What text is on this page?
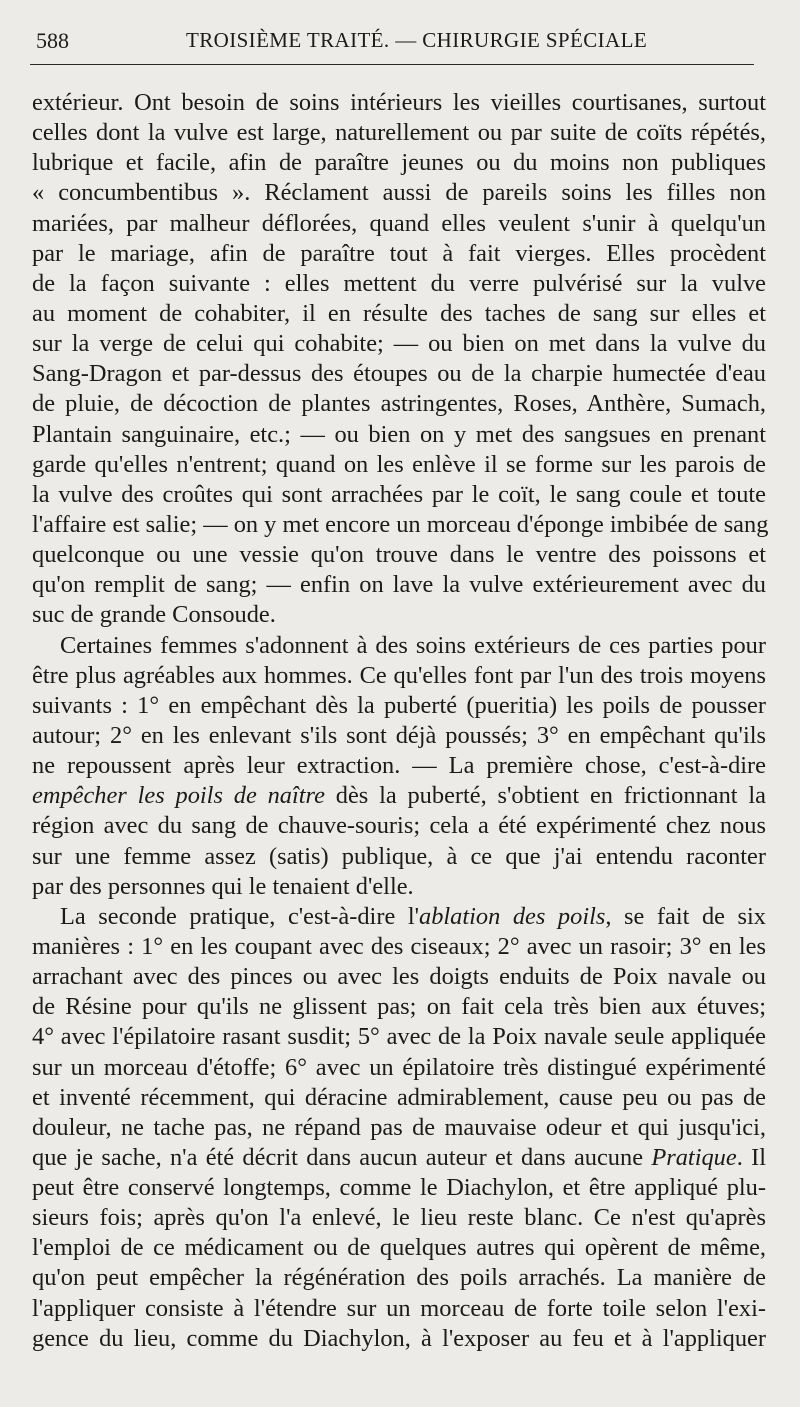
588	TROISIÈME TRAITÉ. — CHIRURGIE SPÉCIALE
extérieur. Ont besoin de soins intérieurs les vieilles courtisanes, surtout
celles dont la vulve est large, naturellement ou par suite de coïts répétés,
lubrique et facile, afin de paraître jeunes ou du moins non publiques
« concumbentibus ». Réclament aussi de pareils soins les filles non
mariées, par malheur déflorées, quand elles veulent s'unir à quelqu'un
par le mariage, afin de paraître tout à fait vierges. Elles procèdent
de la façon suivante : elles mettent du verre pulvérisé sur la vulve
au moment de cohabiter, il en résulte des taches de sang sur elles et
sur la verge de celui qui cohabite; — ou bien on met dans la vulve du
Sang-Dragon et par-dessus des étoupes ou de la charpie humectée d'eau
de pluie, de décoction de plantes astringentes, Roses, Anthère, Sumach,
Plantain sanguinaire, etc.; — ou bien on y met des sangsues en prenant
garde qu'elles n'entrent; quand on les enlève il se forme sur les parois de
la vulve des croûtes qui sont arrachées par le coït, le sang coule et toute
l'affaire est salie; — on y met encore un morceau d'éponge imbibée de sang
quelconque ou une vessie qu'on trouve dans le ventre des poissons et
qu'on remplit de sang; — enfin on lave la vulve extérieurement avec du
suc de grande Consoude.
Certaines femmes s'adonnent à des soins extérieurs de ces parties pour
être plus agréables aux hommes. Ce qu'elles font par l'un des trois moyens
suivants : 1° en empêchant dès la puberté (pueritia) les poils de pousser
autour; 2° en les enlevant s'ils sont déjà poussés; 3° en empêchant qu'ils
ne repoussent après leur extraction. — La première chose, c'est-à-dire
empêcher les poils de naître dès la puberté, s'obtient en frictionnant la
région avec du sang de chauve-souris; cela a été expérimenté chez nous
sur une femme assez (satis) publique, à ce que j'ai entendu raconter
par des personnes qui le tenaient d'elle.
La seconde pratique, c'est-à-dire l'ablation des poils, se fait de six
manières : 1° en les coupant avec des ciseaux; 2° avec un rasoir; 3° en les
arrachant avec des pinces ou avec les doigts enduits de Poix navale ou
de Résine pour qu'ils ne glissent pas; on fait cela très bien aux étuves;
4° avec l'épilatoire rasant susdit; 5° avec de la Poix navale seule appliquée
sur un morceau d'étoffe; 6° avec un épilatoire très distingué expérimenté
et inventé récemment, qui déracine admirablement, cause peu ou pas de
douleur, ne tache pas, ne répand pas de mauvaise odeur et qui jusqu'ici,
que je sache, n'a été décrit dans aucun auteur et dans aucune Pratique. Il
peut être conservé longtemps, comme le Diachylon, et être appliqué plu-
sieurs fois; après qu'on l'a enlevé, le lieu reste blanc. Ce n'est qu'après
l'emploi de ce médicament ou de quelques autres qui opèrent de même,
qu'on peut empêcher la régénération des poils arrachés. La manière de
l'appliquer consiste à l'étendre sur un morceau de forte toile selon l'exi-
gence du lieu, comme du Diachylon, à l'exposer au feu et à l'appliquer
